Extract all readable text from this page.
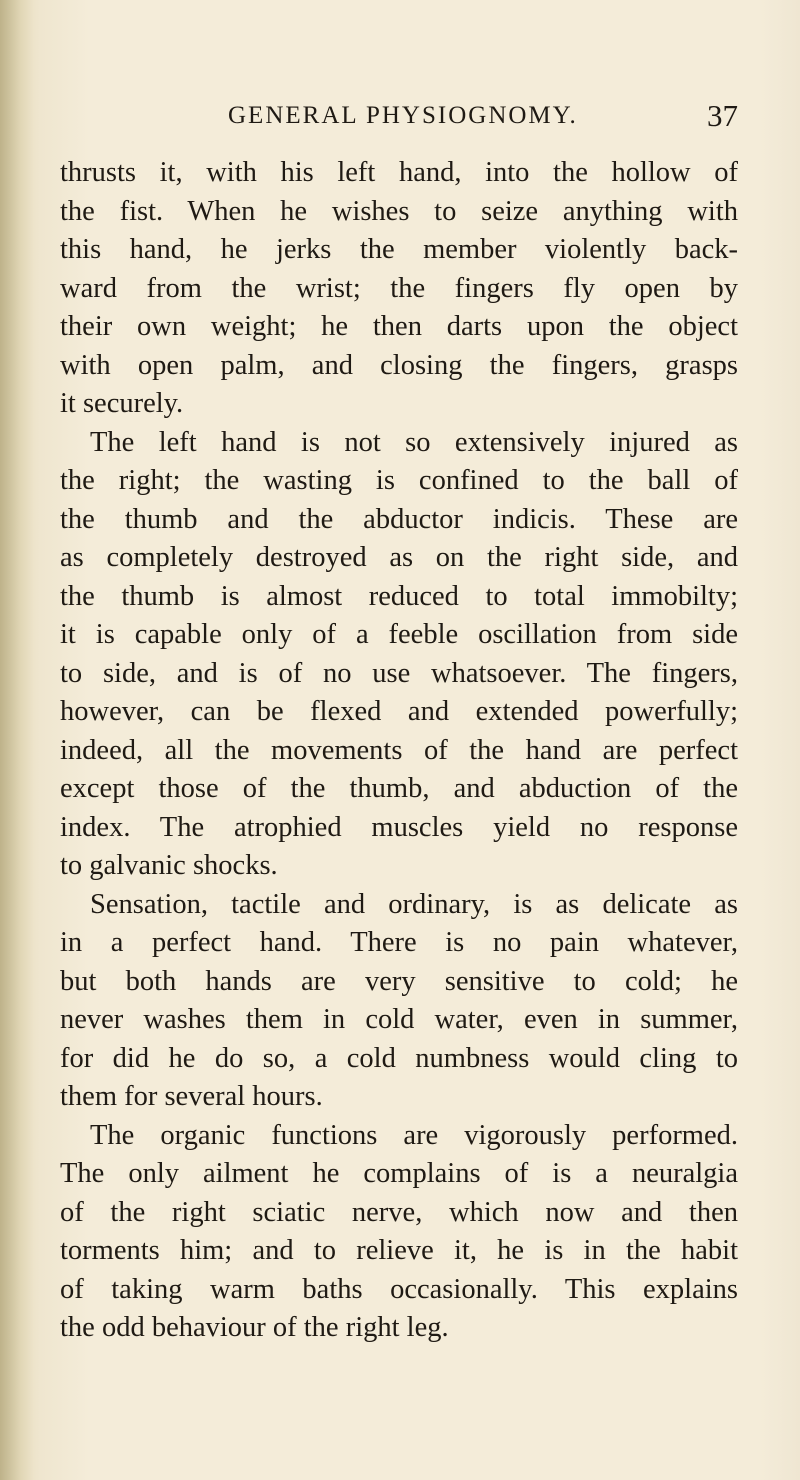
GENERAL PHYSIOGNOMY.	37
thrusts it, with his left hand, into the hollow of
the fist. When he wishes to seize anything with
this hand, he jerks the member violently back-
ward from the wrist; the fingers fly open by
their own weight; he then darts upon the object
with open palm, and closing the fingers, grasps
it securely.
The left hand is not so extensively injured as
the right; the wasting is confined to the ball of
the thumb and the abductor indicis. These are
as completely destroyed as on the right side, and
the thumb is almost reduced to total immobilty;
it is capable only of a feeble oscillation from side
to side, and is of no use whatsoever. The fingers,
however, can be flexed and extended powerfully;
indeed, all the movements of the hand are perfect
except those of the thumb, and abduction of the
index. The atrophied muscles yield no response
to galvanic shocks.
Sensation, tactile and ordinary, is as delicate as
in a perfect hand. There is no pain whatever,
but both hands are very sensitive to cold; he
never washes them in cold water, even in summer,
for did he do so, a cold numbness would cling to
them for several hours.
The organic functions are vigorously performed.
The only ailment he complains of is a neuralgia
of the right sciatic nerve, which now and then
torments him; and to relieve it, he is in the habit
of taking warm baths occasionally. This explains
the odd behaviour of the right leg.
